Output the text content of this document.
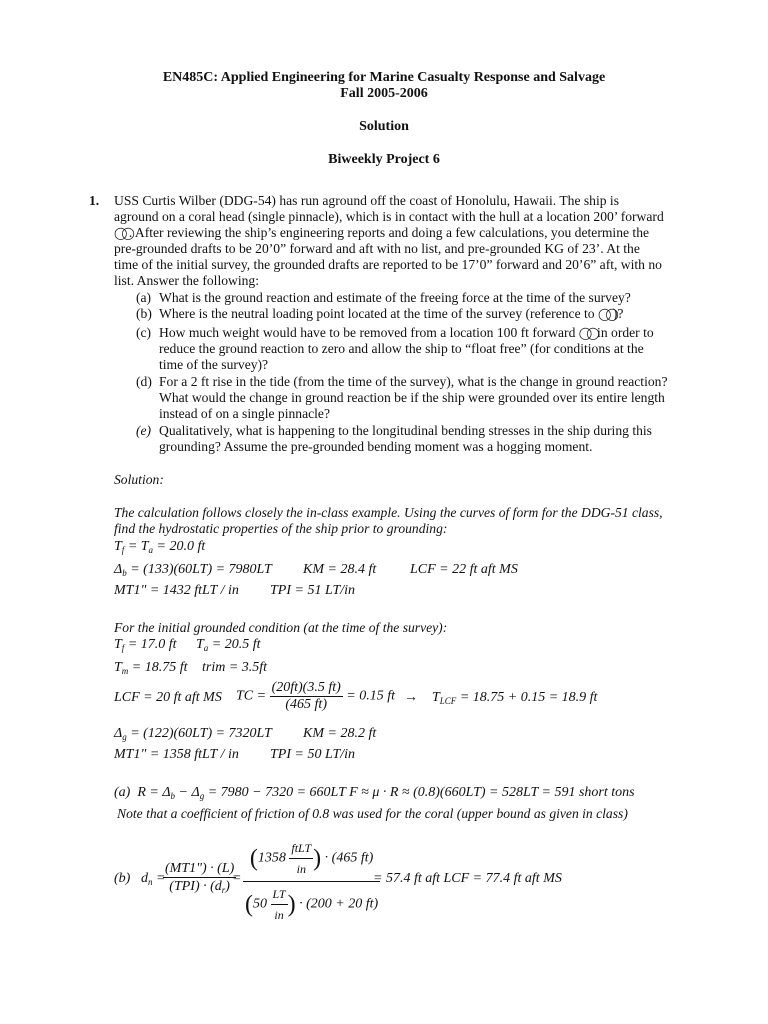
EN485C: Applied Engineering for Marine Casualty Response and Salvage
Fall 2005-2006
Solution
Biweekly Project 6
1. USS Curtis Wilber (DDG-54) has run aground off the coast of Honolulu, Hawaii. The ship is
aground on a coral head (single pinnacle), which is in contact with the hull at a location 200’ forward
◯◯. After reviewing the ship’s engineering reports and doing a few calculations, you determine the
pre-grounded drafts to be 20’0” forward and aft with no list, and pre-grounded KG of 23’. At the
time of the initial survey, the grounded drafts are reported to be 17’0” forward and 20’6” aft, with no
list. Answer the following:
(a) What is the ground reaction and estimate of the freeing force at the time of the survey?
(b) Where is the neutral loading point located at the time of the survey (reference to ◯◯)?
(c) How much weight would have to be removed from a location 100 ft forward ◯◯ in order to
reduce the ground reaction to zero and allow the ship to “float free” (for conditions at the
time of the survey)?
(d) For a 2 ft rise in the tide (from the time of the survey), what is the change in ground reaction?
What would the change in ground reaction be if the ship were grounded over its entire length
instead of on a single pinnacle?
(e) Qualitatively, what is happening to the longitudinal bending stresses in the ship during this
grounding? Assume the pre-grounded bending moment was a hogging moment.
Solution:
The calculation follows closely the in-class example. Using the curves of form for the DDG-51 class,
find the hydrostatic properties of the ship prior to grounding:
$T_f = T_a = 20.0$ ft
$\Delta_b = (133)(60LT) = 7980LT$ KM = 28.4 ft LCF = 22 ft aft MS
MT1" = 1432 ftLT / in TPI = 51 LT/in
For the initial grounded condition (at the time of the survey):
$T_f = 17.0$ ft $T_a = 20.5$ ft
$T_m = 18.75$ ft trim = 3.5ft
LCF = 20 ft aft MS TC = $\frac{(20ft)(3.5 ft)}{(465 ft)} = 0.15$ ft → $T_{LCF} = 18.75 + 0.15 = 18.9$ ft
$\Delta_g = (122)(60LT) = 7320LT$ KM = 28.2 ft
MT1" = 1358 ftLT / in TPI = 50 LT/in
(a) $R = \Delta_b - \Delta_g = 7980 - 7320 = 660LT$ F ≈ μ · R ≈ (0.8)(660LT) = 528LT = 591 short tons
Note that a coefficient of friction of 0.8 was used for the coral (upper bound as given in class)
(b) $d_n$ =
$\frac{(MT1") \cdot (L)}{(TPI) \cdot (d_r)}$
= $\frac{(1358 \frac{\text{ftLT}}{in} ) \cdot (465 ft)}{(50 \frac{LT}{in} ) \cdot (200 + 20 ft)}$
= 57.4 ft aft LCF = 77.4 ft aft MS
